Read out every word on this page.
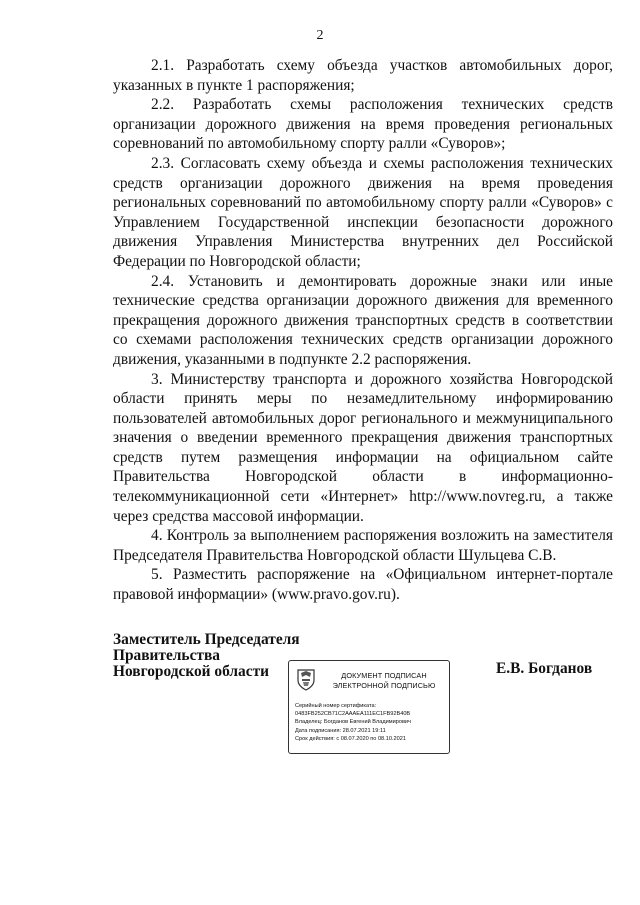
2

2.1. Разработать схему объезда участков автомобильных дорог, указанных в пункте 1 распоряжения;

2.2. Разработать схемы расположения технических средств организации дорожного движения на время проведения региональных соревнований по автомобильному спорту ралли «Суворов»;

2.3. Согласовать схему объезда и схемы расположения технических средств организации дорожного движения на время проведения региональных соревнований по автомобильному спорту ралли «Суворов» с Управлением Государственной инспекции безопасности дорожного движения Управления Министерства внутренних дел Российской Федерации по Новгородской области;

2.4. Установить и демонтировать дорожные знаки или иные технические средства организации дорожного движения для временного прекращения дорожного движения транспортных средств в соответствии со схемами расположения технических средств организации дорожного движения, указанными в подпункте 2.2 распоряжения.

3. Министерству транспорта и дорожного хозяйства Новгородской области принять меры по незамедлительному информированию пользователей автомобильных дорог регионального и межмуниципального значения о введении временного прекращения движения транспортных средств путем размещения информации на официальном сайте Правительства Новгородской области в информационно-телекоммуникационной сети «Интернет» http://www.novreg.ru, а также через средства массовой информации.

4. Контроль за выполнением распоряжения возложить на заместителя Председателя Правительства Новгородской области Шульцева С.В.

5. Разместить распоряжение на «Официальном интернет-портале правовой информации» (www.pravo.gov.ru).

Заместитель Председателя
Правительства
Новгородской области	Е.В. Богданов
ДОКУМЕНТ ПОДПИСАН
ЭЛЕКТРОННОЙ ПОДПИСЬЮ
Серийный номер сертификата:
0483FB252CB71C2AAAEA111EC1FB92B40B
Владелец: Богданов Евгений Владимирович
Дата подписания: 28.07.2021 19:11
Срок действия: с 08.07.2020 по 08.10.2021
